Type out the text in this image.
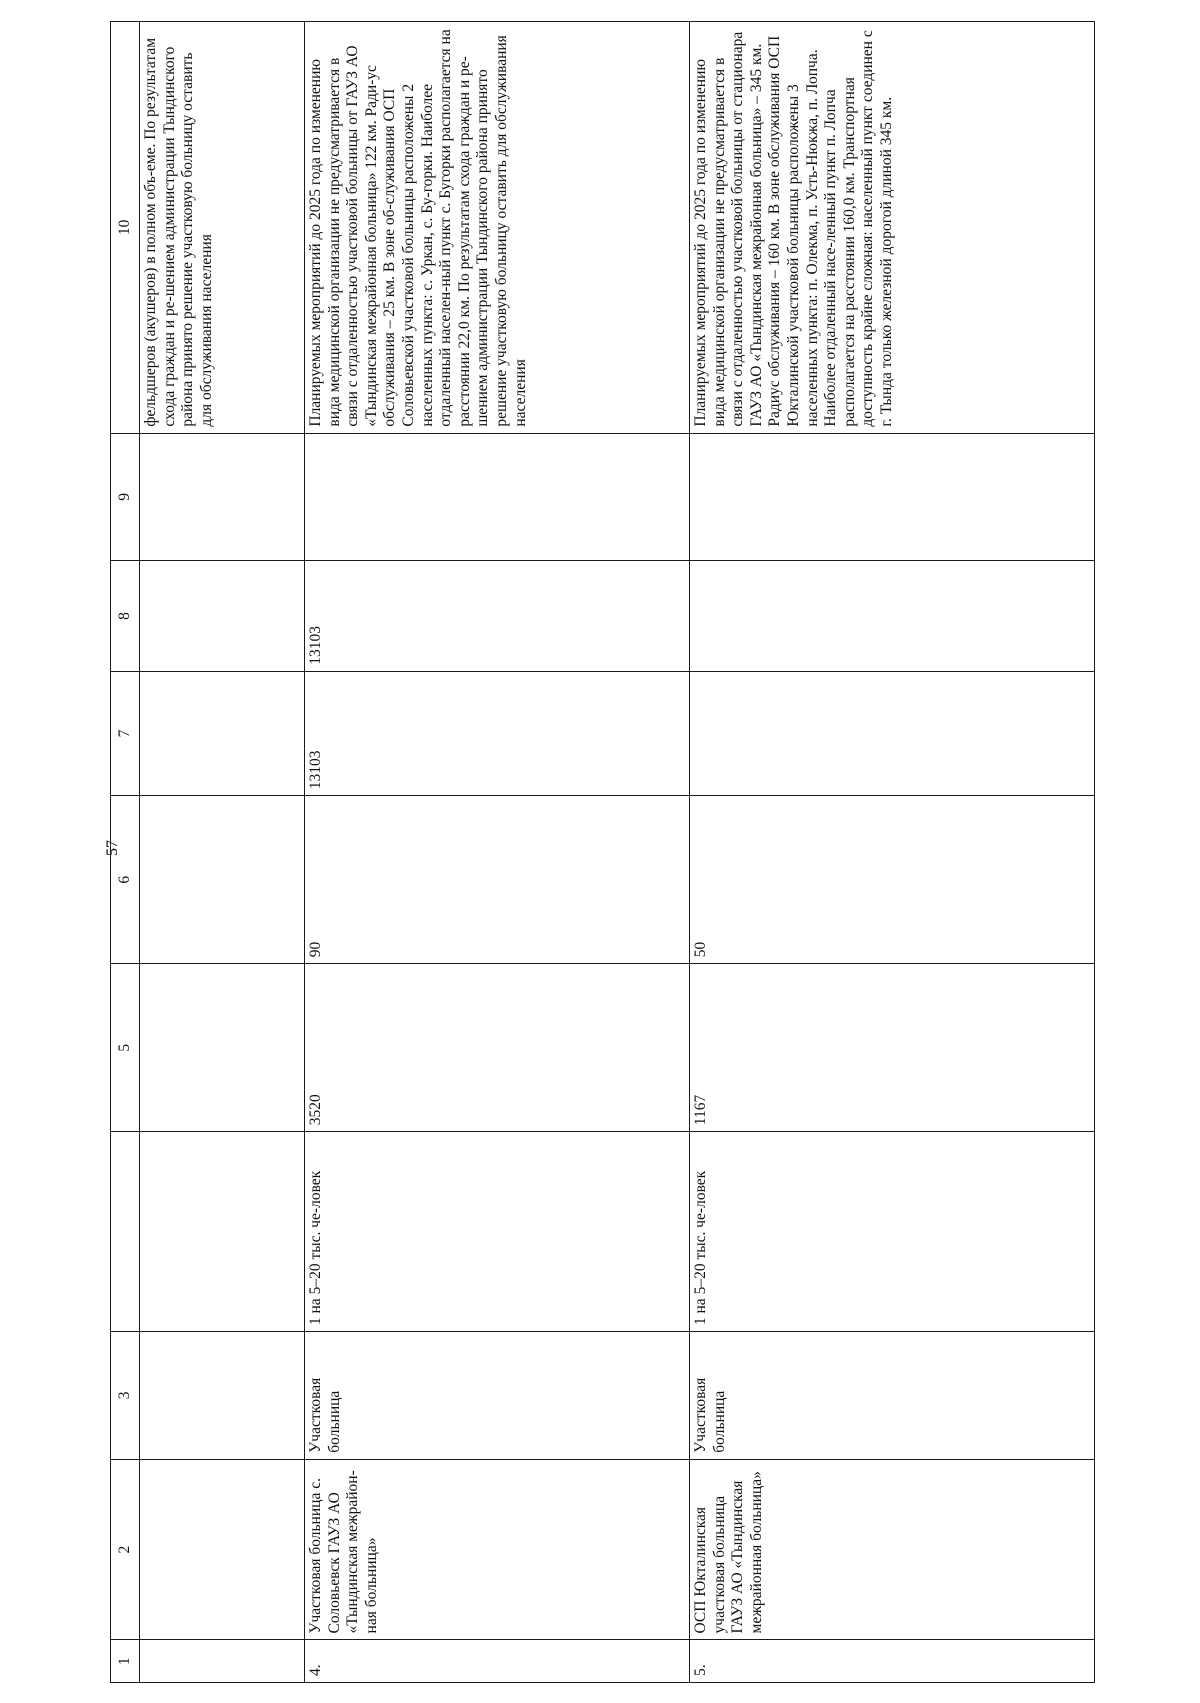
57
1	2	3		5	6	7	8	9	10
									фельдшеров (акушеров) в полном объ-еме. По результатам схода граждан и ре-шением администрации Тындинского района принято решение участковую больницу оставить для обслуживания населения
4.	Участковая больница с. Соловьевск ГАУЗ АО «Тындинская межрайон-ная больница»	Участковая больница	1 на 5–20 тыс. че-ловек	3520	90	13103	13103		Планируемых мероприятий до 2025 года по изменению вида медицинской организации не предусматривается в связи с отдаленностью участковой больницы от ГАУЗ АО «Тындинская межрайонная больница» 122 км. Ради-ус обслуживания – 25 км. В зоне об-служивания ОСП Соловьевской участковой больницы расположены 2 населенных пункта: с. Уркан, с. Бу-горки. Наиболее отдаленный населен-ный пункт с. Бугорки располагается на расстоянии 22,0 км. По результатам схода граждан и ре-шением администрации Тындинского района принято решение участковую больницу оставить для обслуживания населения
5.	ОСП Юкталинская участковая больница ГАУЗ АО «Тындинская межрайонная больница»	Участковая больница	1 на 5–20 тыс. че-ловек	1167	50				Планируемых мероприятий до 2025 года по изменению вида медицинской организации не предусматривается в связи с отдаленностью участковой больницы от стационара ГАУЗ АО «Тындинская межрайонная больница» – 345 км. Радиус обслуживания – 160 км. В зоне обслуживания ОСП Юкталинской участковой больницы расположены 3 населенных пункта: п. Олекма, п. Усть-Нюкжа, п. Лопча. Наиболее отдаленный насе-ленный пункт п. Лопча располагается на расстоянии 160,0 км. Транспортная доступность крайне сложная: населенный пункт соединен с г. Тында только железной дорогой длиной 345 км.
